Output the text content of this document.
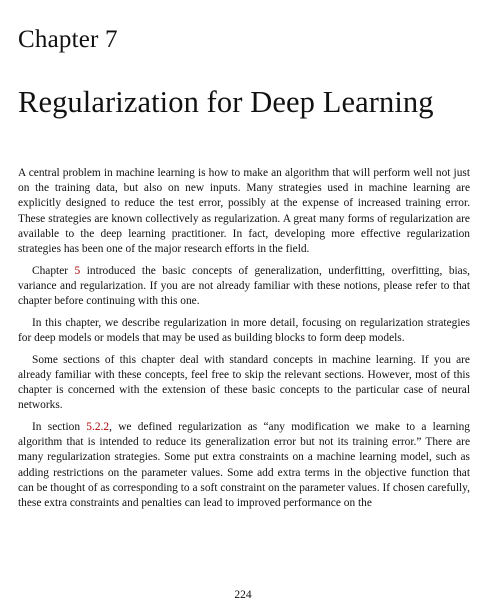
Chapter 7
Regularization for Deep Learning

A central problem in machine learning is how to make an algorithm that will perform well not just on the training data, but also on new inputs. Many strategies used in machine learning are explicitly designed to reduce the test error, possibly at the expense of increased training error. These strategies are known collectively as regularization. A great many forms of regularization are available to the deep learning practitioner. In fact, developing more effective regularization strategies has been one of the major research efforts in the field.

Chapter 5 introduced the basic concepts of generalization, underfitting, overfitting, bias, variance and regularization. If you are not already familiar with these notions, please refer to that chapter before continuing with this one.

In this chapter, we describe regularization in more detail, focusing on regularization strategies for deep models or models that may be used as building blocks to form deep models.

Some sections of this chapter deal with standard concepts in machine learning. If you are already familiar with these concepts, feel free to skip the relevant sections. However, most of this chapter is concerned with the extension of these basic concepts to the particular case of neural networks.

In section 5.2.2, we defined regularization as “any modification we make to a learning algorithm that is intended to reduce its generalization error but not its training error.” There are many regularization strategies. Some put extra constraints on a machine learning model, such as adding restrictions on the parameter values. Some add extra terms in the objective function that can be thought of as corresponding to a soft constraint on the parameter values. If chosen carefully, these extra constraints and penalties can lead to improved performance on the

224
